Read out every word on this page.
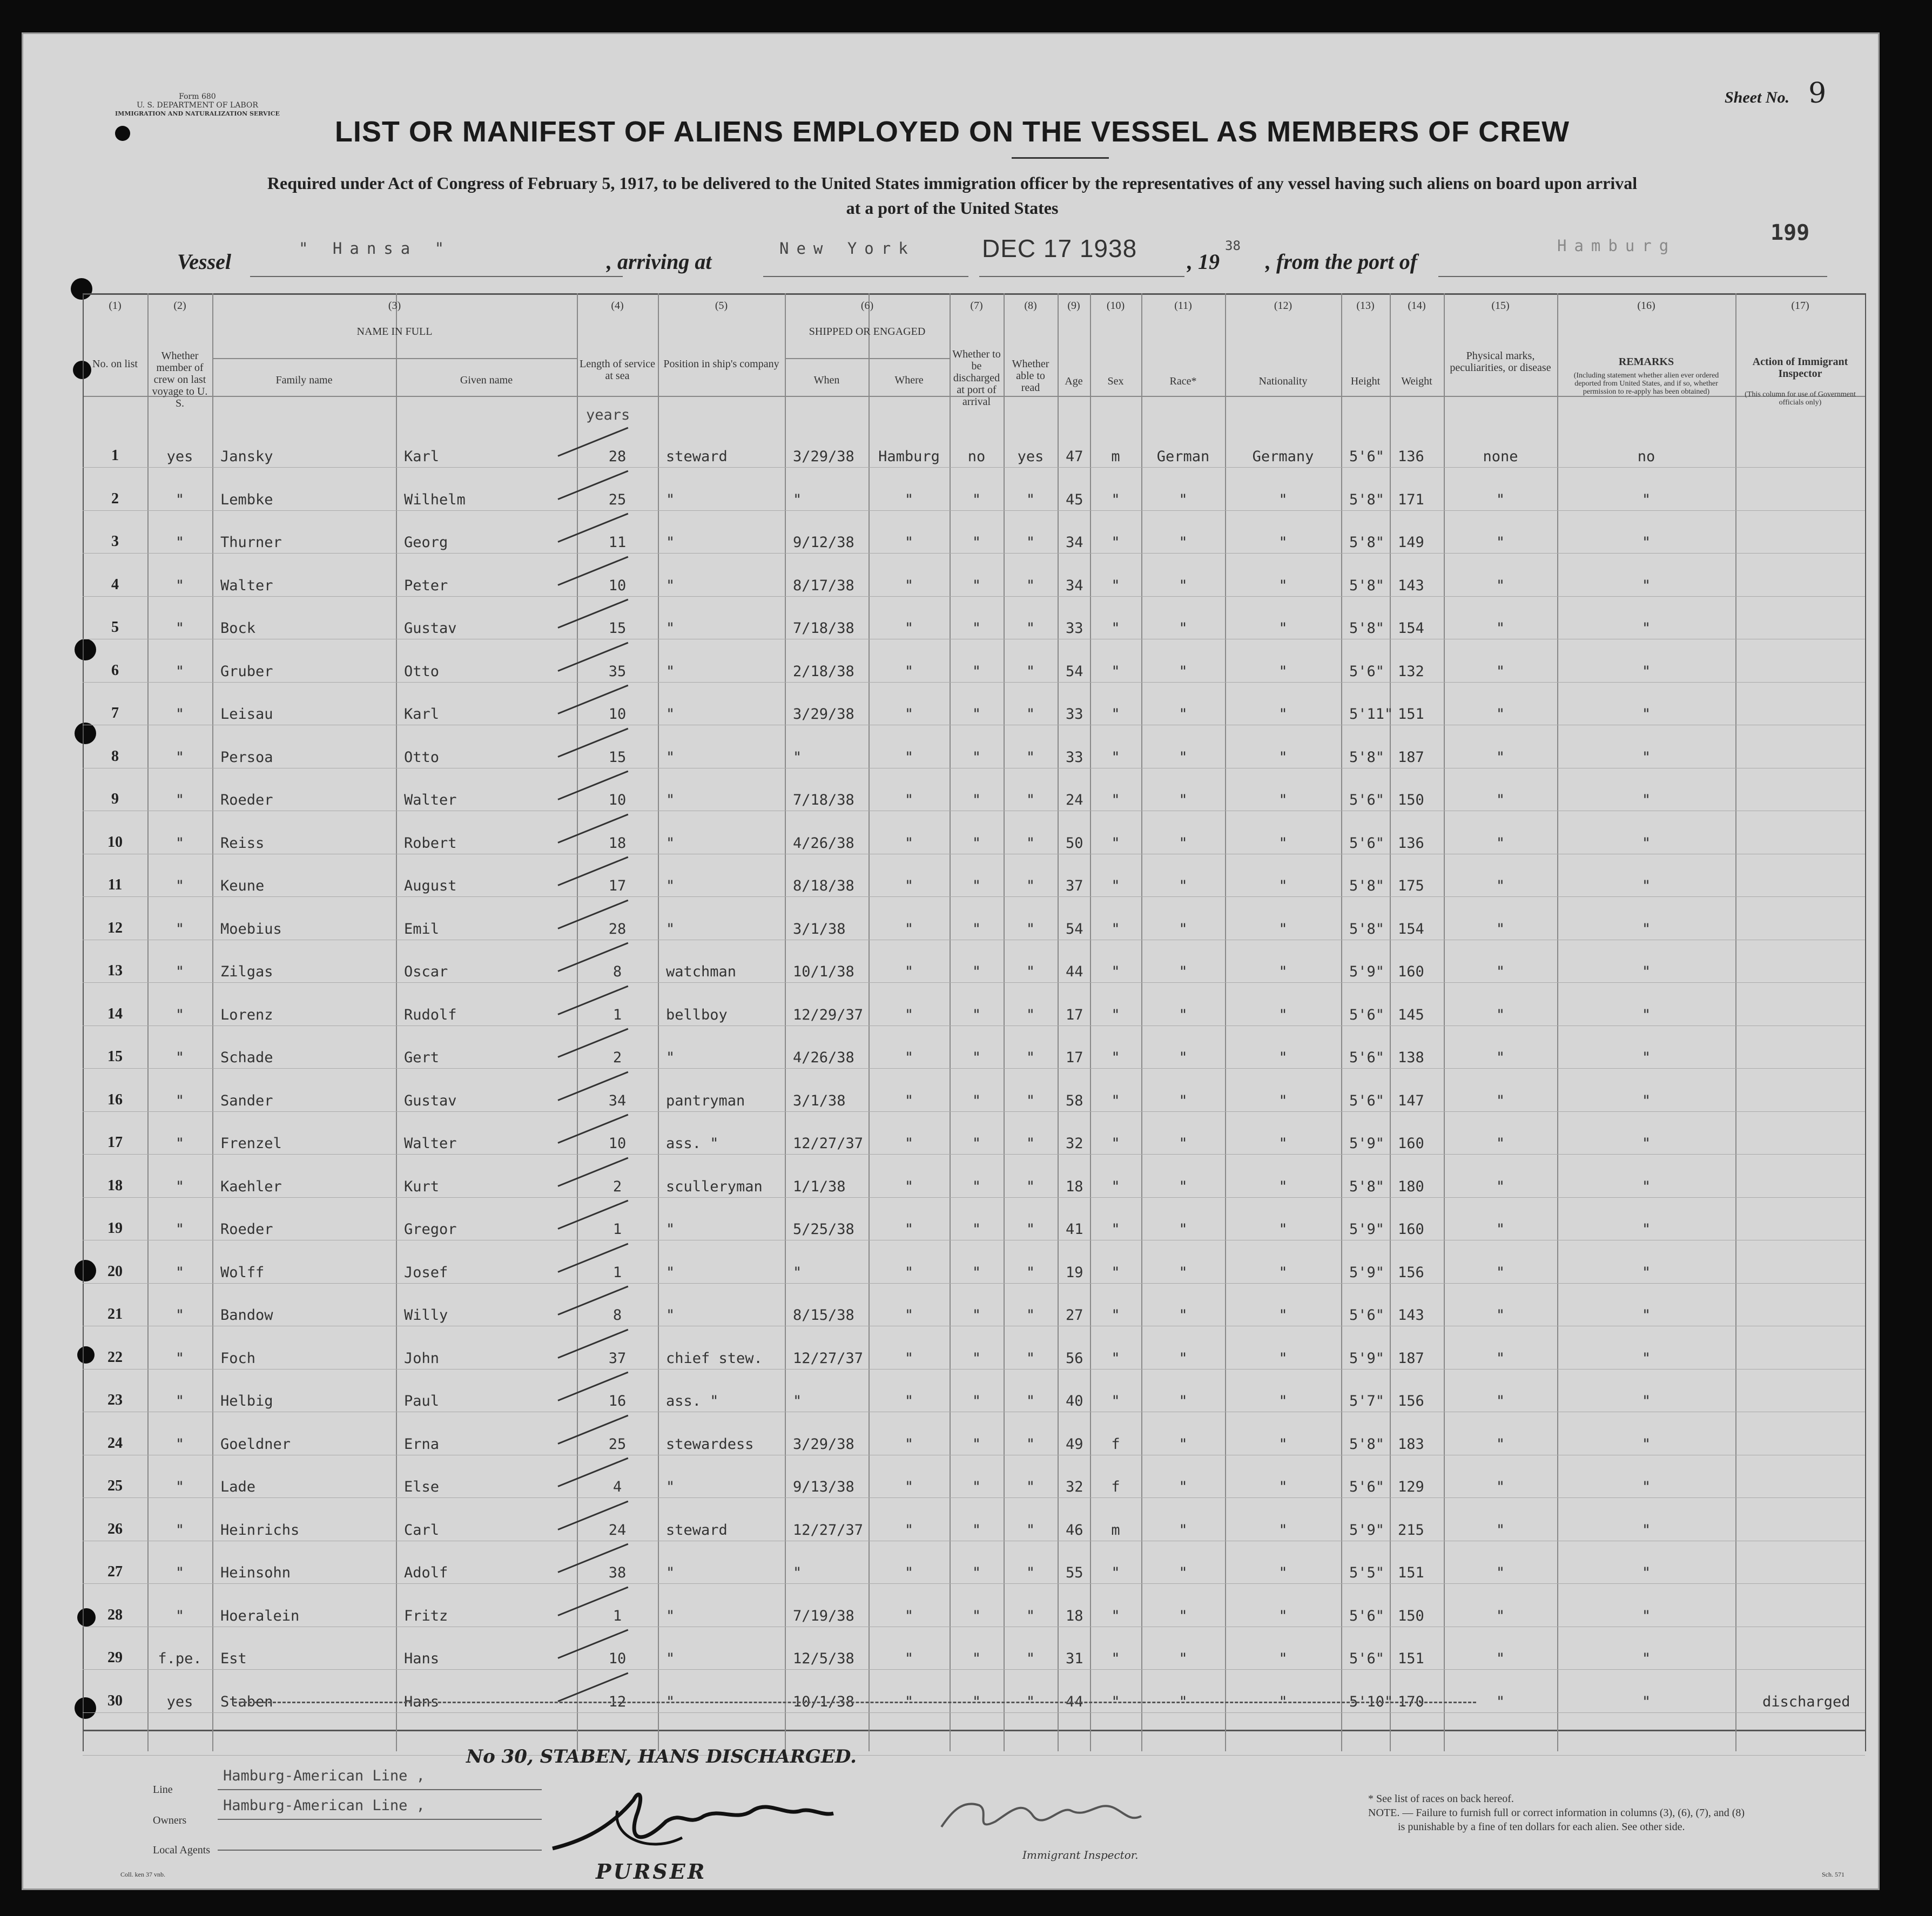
Form 680
U. S. DEPARTMENT OF LABOR
IMMIGRATION AND NATURALIZATION SERVICE
Sheet No. 9
LIST OR MANIFEST OF ALIENS EMPLOYED ON THE VESSEL AS MEMBERS OF CREW
Required under Act of Congress of February 5, 1917, to be delivered to the United States immigration officer by the representatives of any vessel having such aliens on board upon arrival
at a port of the United States
Vessel
" Hansa "
, arriving at
New York	DEC 17 1938 , 19
38
, from the port of
Hamburg
199
(1)
No. on list
(2)
Whether member of crew on last voyage to U. S.
(3)
Family name	Given name
NAME IN FULL
(4)
Length of service at sea
(5)
Position in ship's company
(6)
When	Where
SHIPPED OR ENGAGED
(7)
Whether to be discharged at port of arrival
(8)
Whether able to read
(9)
Age
(10)
Sex
(11)
Race*
(12)
Nationality
(13)
Height
(14)
Weight
(15)
Physical marks, peculiarities, or disease
(16)
(Including statement whether alien ever ordered deported from United States, and if so, whether permission to re-apply has been obtained)
REMARKS
(17)
(This column for use of Government officials only)
Action of Immigrant Inspector
years
1	yes	Jansky	Karl	28	steward	3/29/38	Hamburg	no	yes	47	m	German	Germany	5'6" 136	none	no
2	"	Lembke	Wilhelm	25	"	"	"	"	"	45	"	"	"	5'8" 171	"	"
3	"	Thurner	Georg	11	"	9/12/38	"	"	"	34	"	"	"	5'8" 149	"	"
4	"	Walter	Peter	10	"	8/17/38	"	"	"	34	"	"	"	5'8" 143	"	"
5	"	Bock	Gustav	15	"	7/18/38	"	"	"	33	"	"	"	5'8" 154	"	"
6	"	Gruber	Otto	35	"	2/18/38	"	"	"	54	"	"	"	5'6" 132	"	"
7	"	Leisau	Karl	10	"	3/29/38	"	"	"	33	"	"	"	5'11" 151	"	"
8	"	Persoa	Otto	15	"	"	"	"	"	33	"	"	"	5'8" 187	"	"
9	"	Roeder	Walter	10	"	7/18/38	"	"	"	24	"	"	"	5'6" 150	"	"
10	"	Reiss	Robert	18	"	4/26/38	"	"	"	50	"	"	"	5'6" 136	"	"
11	"	Keune	August	17	"	8/18/38	"	"	"	37	"	"	"	5'8" 175	"	"
12	"	Moebius	Emil	28	"	3/1/38	"	"	"	54	"	"	"	5'8" 154	"	"
13	"	Zilgas	Oscar	8	watchman	10/1/38	"	"	"	44	"	"	"	5'9" 160	"	"
14	"	Lorenz	Rudolf	1	bellboy	12/29/37	"	"	"	17	"	"	"	5'6" 145	"	"
15	"	Schade	Gert	2	"	4/26/38	"	"	"	17	"	"	"	5'6" 138	"	"
16	"	Sander	Gustav	34	pantryman	3/1/38	"	"	"	58	"	"	"	5'6" 147	"	"
17	"	Frenzel	Walter	10	ass. "	12/27/37	"	"	"	32	"	"	"	5'9" 160	"	"
18	"	Kaehler	Kurt	2	sculleryman 1/1/38	"	"	"	18	"	"	"	5'8" 180	"	"
19	"	Roeder	Gregor	1	"	5/25/38	"	"	"	41	"	"	"	5'9" 160	"	"
20	"	Wolff	Josef	1	"	"	"	"	"	19	"	"	"	5'9" 156	"	"
21	"	Bandow	Willy	8	"	8/15/38	"	"	"	27	"	"	"	5'6" 143	"	"
22	"	Foch	John	37	chief stew. 12/27/37	"	"	"	56	"	"	"	5'9" 187	"	"
23	"	Helbig	Paul	16	ass. "	"	"	"	"	40	"	"	"	5'7" 156	"	"
24	"	Goeldner	Erna	25	stewardess	3/29/38	"	"	"	49	f	"	"	5'8" 183	"	"
25	"	Lade	Else	4	"	9/13/38	"	"	"	32	f	"	"	5'6" 129	"	"
26	"	Heinrichs	Carl	24	steward	12/27/37	"	"	"	46	m	"	"	5'9" 215	"	"
27	"	Heinsohn	Adolf	38	"	"	"	"	"	55	"	"	"	5'5" 151	"	"
28	"	Hoeralein	Fritz	1	"	7/19/38	"	"	"	18	"	"	"	5'6" 150	"	"
29	f.pe.	Est	Hans	10	"	12/5/38	"	"	"	31	"	"	"	5'6" 151	"	"
30	yes	Staben	Hans	12	"	10/1/38	"	"	"	44	"	"	"	5'10" 170	"	"	discharged
No 30, STABEN, HANS DISCHARGED.
Line
Hamburg-American Line ,
Owners
Hamburg-American Line ,
Local Agents
PURSER
Immigrant Inspector.
* See list of races on back hereof.
NOTE. — Failure to furnish full or correct information in columns (3), (6), (7), and (8)
is punishable by a fine of ten dollars for each alien. See other side.
Coll. ken 37 vnb.	Sch. 571
